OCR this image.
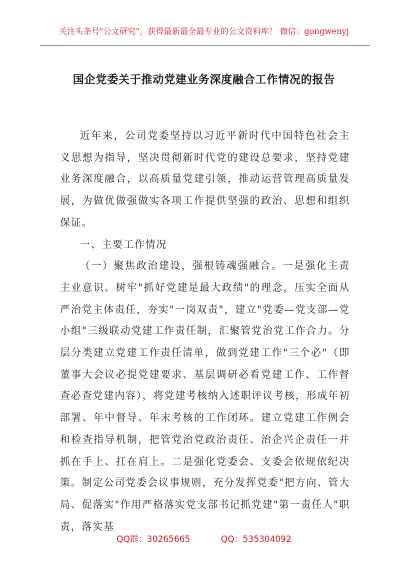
关注头条号"公文研究"，获得最新最全最专业的公文资料库！ 微信：gongwenyj
国企党委关于推动党建业务深度融合工作情况的报告

近年来，公司党委坚持以习近平新时代中国特色社会主义思想为指导，坚决贯彻新时代党的建设总要求，坚持党建业务深度融合，以高质量党建引领，推动运营管理高质量发展，为做优做强做实各项工作提供坚强的政治、思想和组织保证。

一、主要工作情况

（一）聚焦政治建设，强根铸魂强融合。一是强化主责主业意识。树牢"抓好党建是最大政绩"的理念，压实全面从严治党主体责任，夯实"一岗双责"，建立"党委—党支部—党小组"三级联动党建工作责任制，汇聚管党治党工作合力。分层分类建立党建工作责任清单，做到党建工作"三个必"（即董事大会议必提党建要求、基层调研必看党建工作、工作督查必查党建内容），将党建考核纳入述职评议考核，形成年初部署、年中督导、年末考核的工作闭环。建立党建工作例会和检查指导机制，把管党治党政治责任、治企兴企责任一并抓在手上、扛在肩上。二是强化党委会、支委会依规依纪决策。制定公司党委会议事规则，充分发挥党委"把方向、管大局、促落实"作用严格落实党支部书记抓党建"第一责任人"职责，落实基

QQ群：30265665	QQ：535304092
